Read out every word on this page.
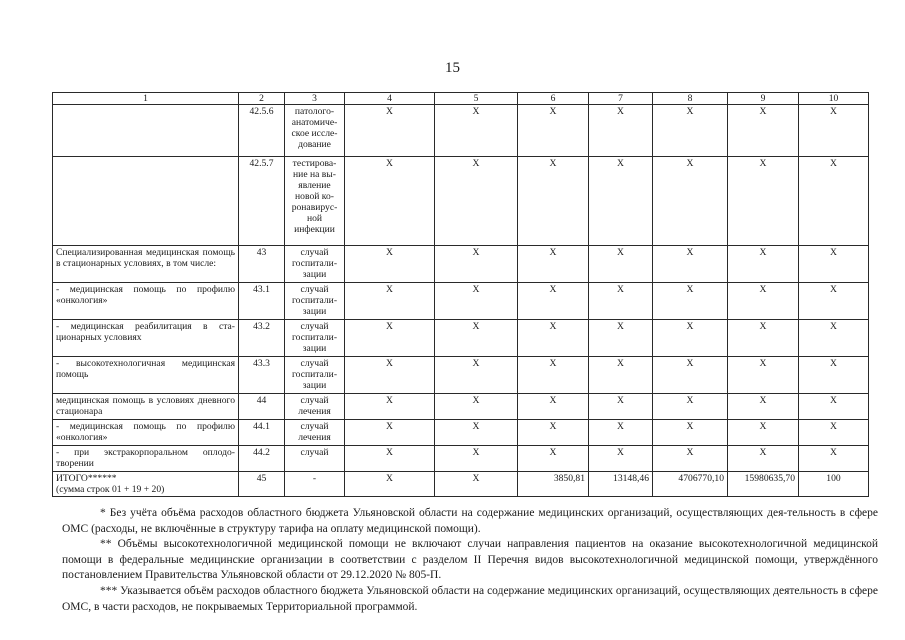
15
1	2	3	4	5	6	7	8	9	10
	42.5.6	патолого-анатомиче-ское иссле-дование	X	X	X	X	X	X	X
	42.5.7	тестирова-ние на вы-явление новой ко-ронавирус-ной инфекции	X	X	X	X	X	X	X
Специализированная медицинская помощь в стационарных условиях, в том числе:	43	случай госпитали-зации	X	X	X	X	X	X	X
- медицинская помощь по профилю «онкология»	43.1	случай госпитали-зации	X	X	X	X	X	X	X
- медицинская реабилитация в ста-ционарных условиях	43.2	случай госпитали-зации	X	X	X	X	X	X	X
- высокотехнологичная медицинская помощь	43.3	случай госпитали-зации	X	X	X	X	X	X	X
медицинская помощь в условиях дневного стационара	44	случай лечения	X	X	X	X	X	X	X
- медицинская помощь по профилю «онкология»	44.1	случай лечения	X	X	X	X	X	X	X
- при экстракорпоральном оплодо-творении	44.2	случай	X	X	X	X	X	X	X

ИТОГО******
(сумма строк 01 + 19 + 20)	45	-	X	X	3850,81	13148,46	4706770,10	15980635,70	100

* Без учёта объёма расходов областного бюджета Ульяновской области на содержание медицинских организаций, осуществляющих дея-тельность в сфере ОМС (расходы, не включённые в структуру тарифа на оплату медицинской помощи).

** Объёмы высокотехнологичной медицинской помощи не включают случаи направления пациентов на оказание высокотехнологичной медицинской помощи в федеральные медицинские организации в соответствии с разделом II Перечня видов высокотехнологичной медицинской помощи, утверждённого постановлением Правительства Ульяновской области от 29.12.2020 № 805-П.

*** Указывается объём расходов областного бюджета Ульяновской области на содержание медицинских организаций, осуществляющих деятельность в сфере ОМС, в части расходов, не покрываемых Территориальной программой.
